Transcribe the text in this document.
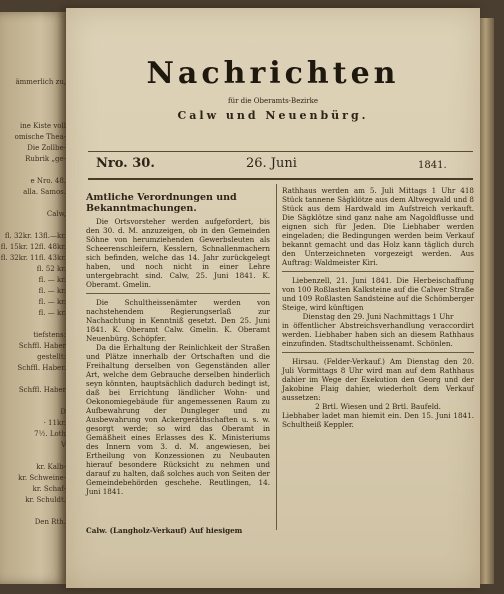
ämmerlich zu,
ine Kiste voll
omische Thea-
Die Zollbe-
Rubrik „ge-
e Nro. 48.
alla. Samos.
Calw,
fl. 32kr. 13fl.—kr.
fl. 15kr. 12fl. 48kr.
fl. 32kr. 11fl. 43kr.
fl. 52 kr.
fl. — kr.
fl. — kr.
fl. — kr.
fl. — kr.
tiefstens:
Schffl. Haber
gestellt:
Schffl. Haber.
Schffl. Haber
D
· 11kr.
7½. Loth
V
kr. Kalb-
kr. Schweine-
kr. Schaf-
kr. Schuldt.
Den Rth.
Nachrichten
für die Oberamts-Bezirke
Calw und Neuenbürg.
Nro. 30.	26. Juni	1841.

Amtliche Verordnungen und Bekanntmachungen.

Die Ortsvorsteher werden aufgefordert, bis den 30. d. M. anzuzeigen, ob in den Gemeinden Söhne von herumziehenden Gewerbsleuten als Scheerenschleifern, Kesslern, Schnallenmachern sich befinden, welche das 14. Jahr zurückgelegt haben, und noch nicht in einer Lehre untergebracht sind. Calw, 25. Juni 1841. K. Oberamt. Gmelin.

Die Schultheissenämter werden von nachstehendem Regierungserlaß zur Nachachtung in Kenntniß gesetzt. Den 25. Juni 1841. K. Oberamt Calw. Gmelin. K. Oberamt Neuenbürg. Schöpfer.

Da die Erhaltung der Reinlichkeit der Straßen und Plätze innerhalb der Ortschaften und die Freihaltung derselben von Gegenständen aller Art, welche dem Gebrauche derselben hinderlich seyn könnten, hauptsächlich dadurch bedingt ist, daß bei Errichtung ländlicher Wohn- und Oekonomiegebäude für angemessenen Raum zu Aufbewahrung der Dungleger und zu Ausbewahrung von Ackergeräthschaften u. s. w. gesorgt werde; so wird das Oberamt in Gemäßheit eines Erlasses des K. Ministeriums des Innern vom 3. d. M. angewiesen, bei Ertheilung von Konzessionen zu Neubauten hierauf besondere Rücksicht zu nehmen und darauf zu halten, daß solches auch von Seiten der Gemeindebehörden geschehe. Reutlingen, 14. Juni 1841.

Rathhaus werden am 5. Juli Mittags 1 Uhr 418 Stück tannene Sägklötze aus dem Altwegwald und 8 Stück aus dem Hardwald im Aufstreich verkauft. Die Sägklötze sind ganz nahe am Nagoldflusse und eignen sich für Jeden. Die Liebhaber werden eingeladen; die Bedingungen werden beim Verkauf bekannt gemacht und das Holz kann täglich durch den Unterzeichneten vorgezeigt werden. Aus Auftrag: Waldmeister Kiri.

Liebenzell, 21. Juni 1841. Die Herbeischaffung von 100 Roßlasten Kalksteine auf die Calwer Straße und 109 Roßlasten Sandsteine auf die Schömberger Steige, wird künftigen

Dienstag den 29. Juni Nachmittags 1 Uhr

in öffentlicher Abstreichsverhandlung veraccordirt werden. Liebhaber haben sich an diesem Rathhaus einzufinden. Stadtschultheissenamt. Schönlen.

Hirsau. (Felder-Verkauf.) Am Dienstag den 20. Juli Vormittags 8 Uhr wird man auf dem Rathhaus dahier im Wege der Exekution den Georg und der Jakobine Flaig dahier, wiederholt dem Verkauf aussetzen:

2 Brtl. Wiesen und 2 Brtl. Baufeld.

Liebhaber ladet man hiemit ein. Den 15. Juni 1841. Schultheiß Keppler.

Calw. (Langholz-Verkauf) Auf hiesigem
